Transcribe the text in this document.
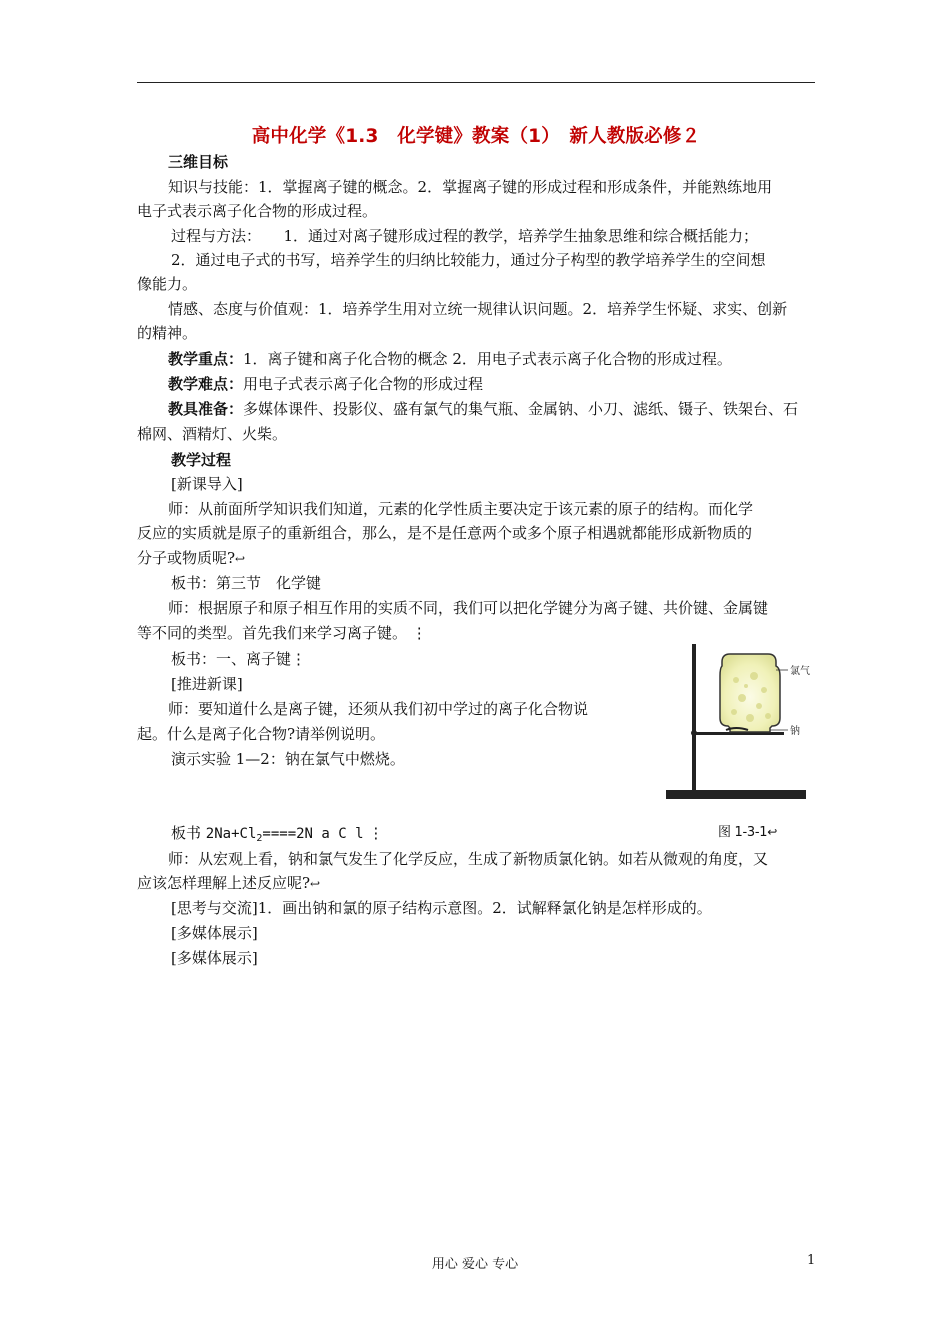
高中化学《1.3　化学键》教案（1）　新人教版必修２
三维目标
知识与技能：1．掌握离子键的概念。2．掌握离子键的形成过程和形成条件，并能熟练地用
电子式表示离子化合物的形成过程。
过程与方法：　　1．通过对离子键形成过程的教学，培养学生抽象思维和综合概括能力；
2．通过电子式的书写，培养学生的归纳比较能力，通过分子构型的教学培养学生的空间想
像能力。
情感、态度与价值观：1．培养学生用对立统一规律认识问题。2．培养学生怀疑、求实、创新
的精神。
教学重点：1．离子键和离子化合物的概念 2．用电子式表示离子化合物的形成过程。
教学难点：用电子式表示离子化合物的形成过程
教具准备：多媒体课件、投影仪、盛有氯气的集气瓶、金属钠、小刀、滤纸、镊子、铁架台、石
棉网、酒精灯、火柴。
教学过程
[新课导入]
师：从前面所学知识我们知道，元素的化学性质主要决定于该元素的原子的结构。而化学
反应的实质就是原子的重新组合，那么，是不是任意两个或多个原子相遇就都能形成新物质的
分子或物质呢?↩
板书：第三节　化学键
师：根据原子和原子相互作用的实质不同，我们可以把化学键分为离子键、共价键、金属键
等不同的类型。首先我们来学习离子键。 ⋮
板书：一、离子键⋮
[推进新课]
师：要知道什么是离子键，还须从我们初中学过的离子化合物说
起。什么是离子化合物?请举例说明。
演示实验 1—2：钠在氯气中燃烧。
板书 $2Na+Cl_2====2N$ a C l ⋮
师：从宏观上看，钠和氯气发生了化学反应，生成了新物质氯化钠。如若从微观的角度，又
应该怎样理解上述反应呢?↩
[思考与交流]1．画出钠和氯的原子结构示意图。2．试解释氯化钠是怎样形成的。
[多媒体展示]
[多媒体展示]
氯气
钠
图 1-3-1↩
用心 爱心 专心	1
